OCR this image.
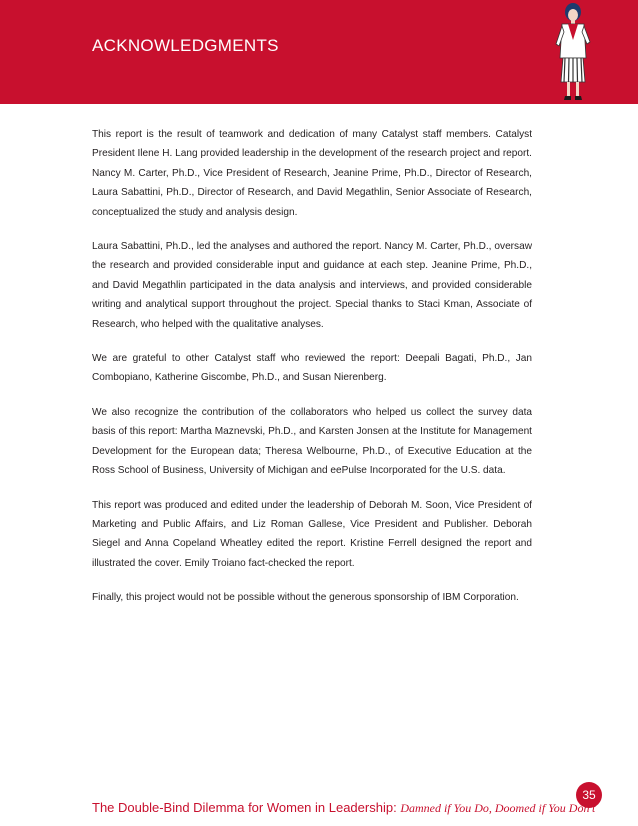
ACKNOWLEDGMENTS

This report is the result of teamwork and dedication of many Catalyst staff members. Catalyst President Ilene H. Lang provided leadership in the development of the research project and report. Nancy M. Carter, Ph.D., Vice President of Research, Jeanine Prime, Ph.D., Director of Research, Laura Sabattini, Ph.D., Director of Research, and David Megathlin, Senior Associate of Research, conceptualized the study and analysis design.

Laura Sabattini, Ph.D., led the analyses and authored the report. Nancy M. Carter, Ph.D., oversaw the research and provided considerable input and guidance at each step. Jeanine Prime, Ph.D., and David Megathlin participated in the data analysis and interviews, and provided considerable writing and analytical support throughout the project. Special thanks to Staci Kman, Associate of Research, who helped with the qualitative analyses.

We are grateful to other Catalyst staff who reviewed the report: Deepali Bagati, Ph.D., Jan Combopiano, Katherine Giscombe, Ph.D., and Susan Nierenberg.

We also recognize the contribution of the collaborators who helped us collect the survey data basis of this report: Martha Maznevski, Ph.D., and Karsten Jonsen at the Institute for Management Development for the European data; Theresa Welbourne, Ph.D., of Executive Education at the Ross School of Business, University of Michigan and eePulse Incorporated for the U.S. data.

This report was produced and edited under the leadership of Deborah M. Soon, Vice President of Marketing and Public Affairs, and Liz Roman Gallese, Vice President and Publisher. Deborah Siegel and Anna Copeland Wheatley edited the report. Kristine Ferrell designed the report and illustrated the cover. Emily Troiano fact-checked the report.

Finally, this project would not be possible without the generous sponsorship of IBM Corporation.

35
The Double-Bind Dilemma for Women in Leadership: Damned if You Do, Doomed if You Don't
